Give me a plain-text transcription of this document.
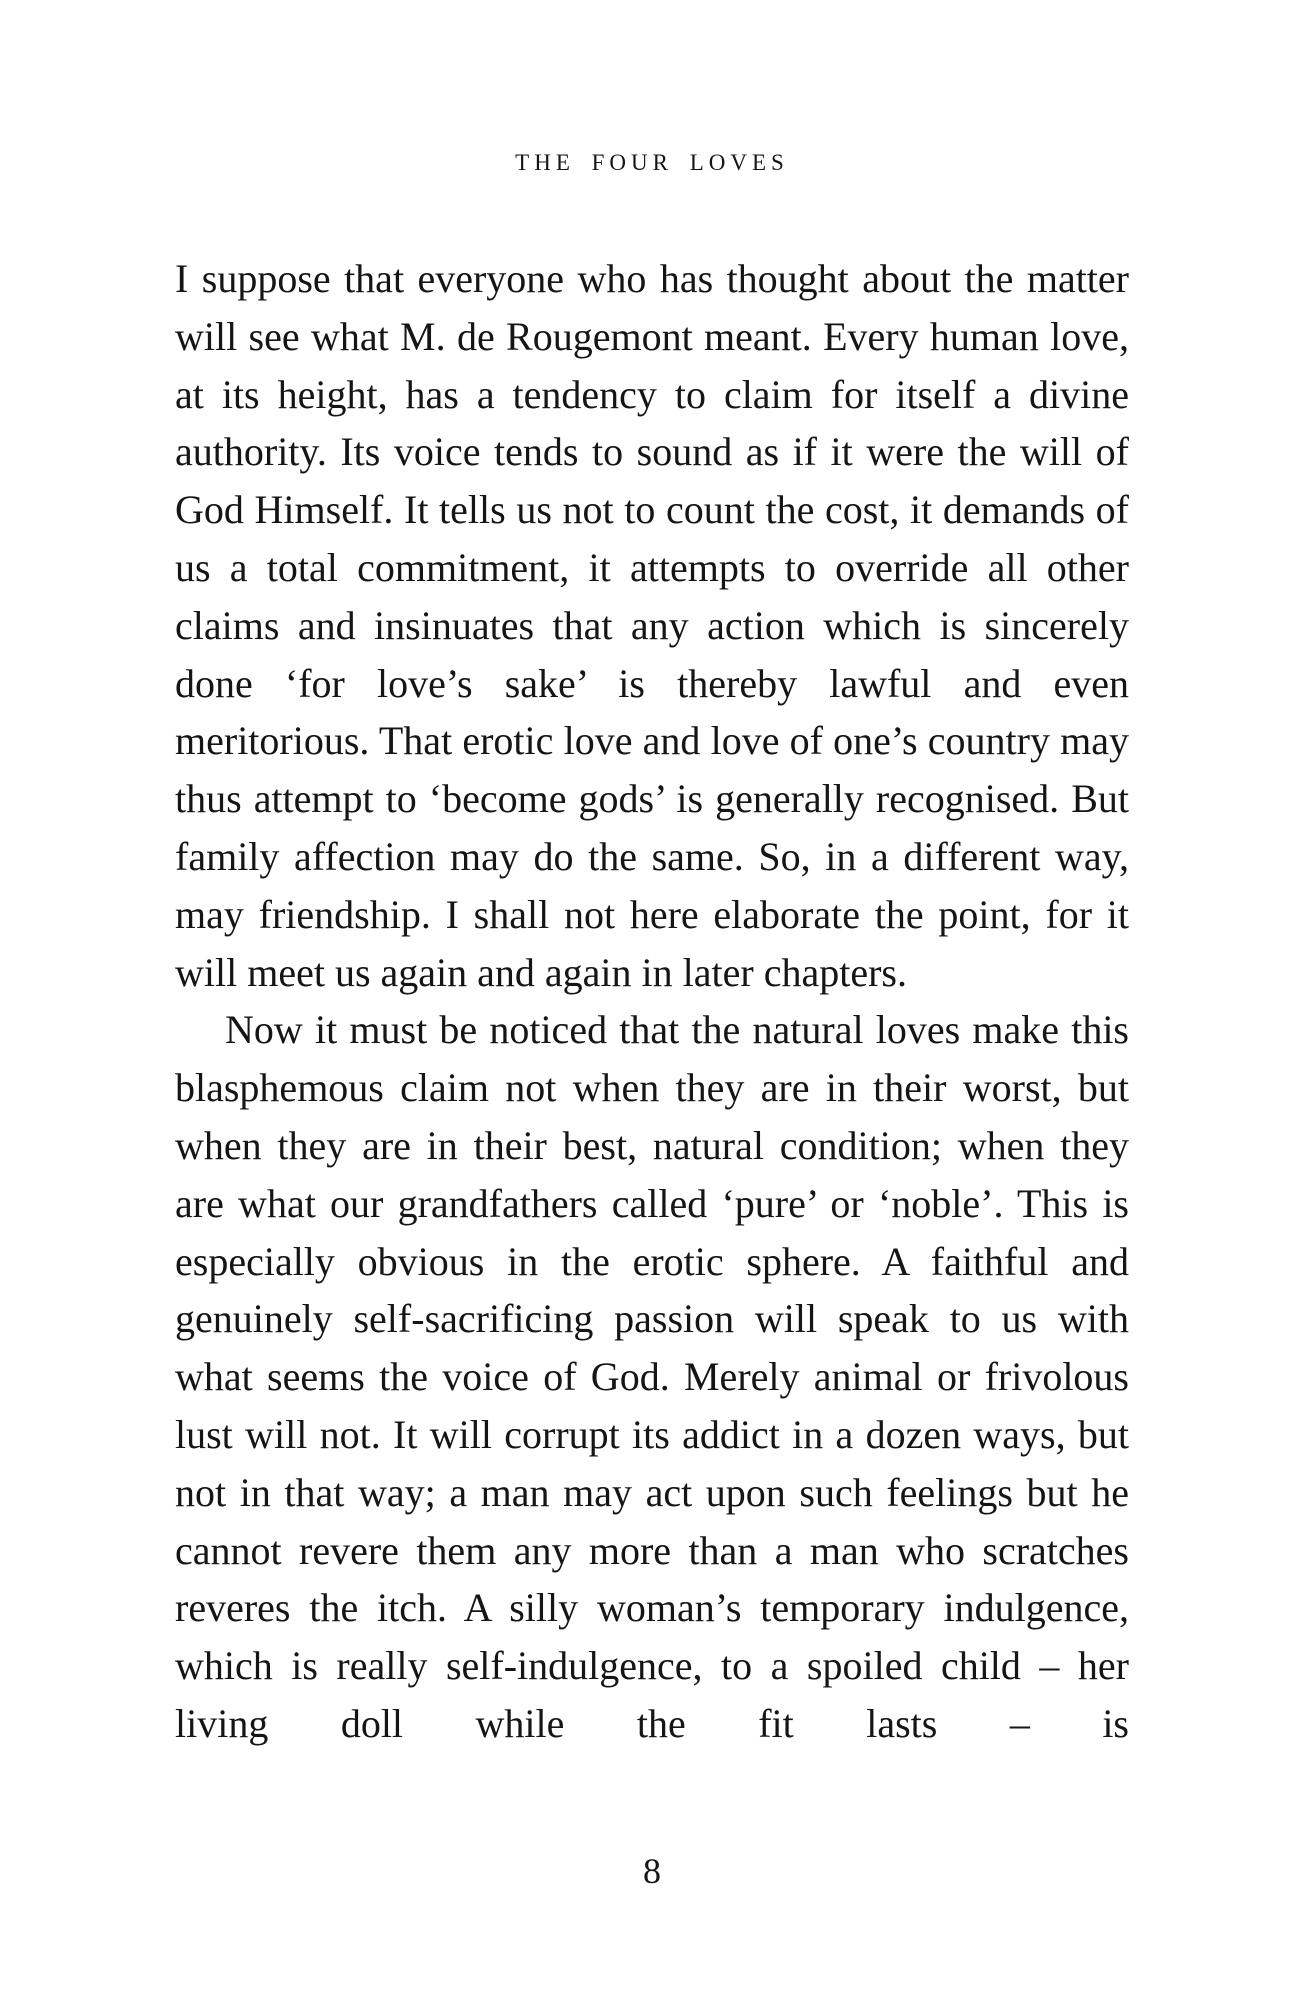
THE FOUR LOVES

I suppose that everyone who has thought about the matter will see what M. de Rougemont meant. Every human love, at its height, has a tendency to claim for itself a divine authority. Its voice tends to sound as if it were the will of God Himself. It tells us not to count the cost, it demands of us a total commitment, it attempts to override all other claims and insinuates that any action which is sincerely done ‘for love’s sake’ is thereby lawful and even meritorious. That erotic love and love of one’s country may thus attempt to ‘become gods’ is generally recognised. But family affection may do the same. So, in a different way, may friendship. I shall not here elaborate the point, for it will meet us again and again in later chapters.

Now it must be noticed that the natural loves make this blasphemous claim not when they are in their worst, but when they are in their best, natural condition; when they are what our grandfathers called ‘pure’ or ‘noble’. This is especially obvious in the erotic sphere. A faithful and genuinely self-sacrificing passion will speak to us with what seems the voice of God. Merely animal or frivolous lust will not. It will corrupt its addict in a dozen ways, but not in that way; a man may act upon such feelings but he cannot revere them any more than a man who scratches reveres the itch. A silly woman’s temporary indulgence, which is really self-indulgence, to a spoiled child – her living doll while the fit lasts – is

8
